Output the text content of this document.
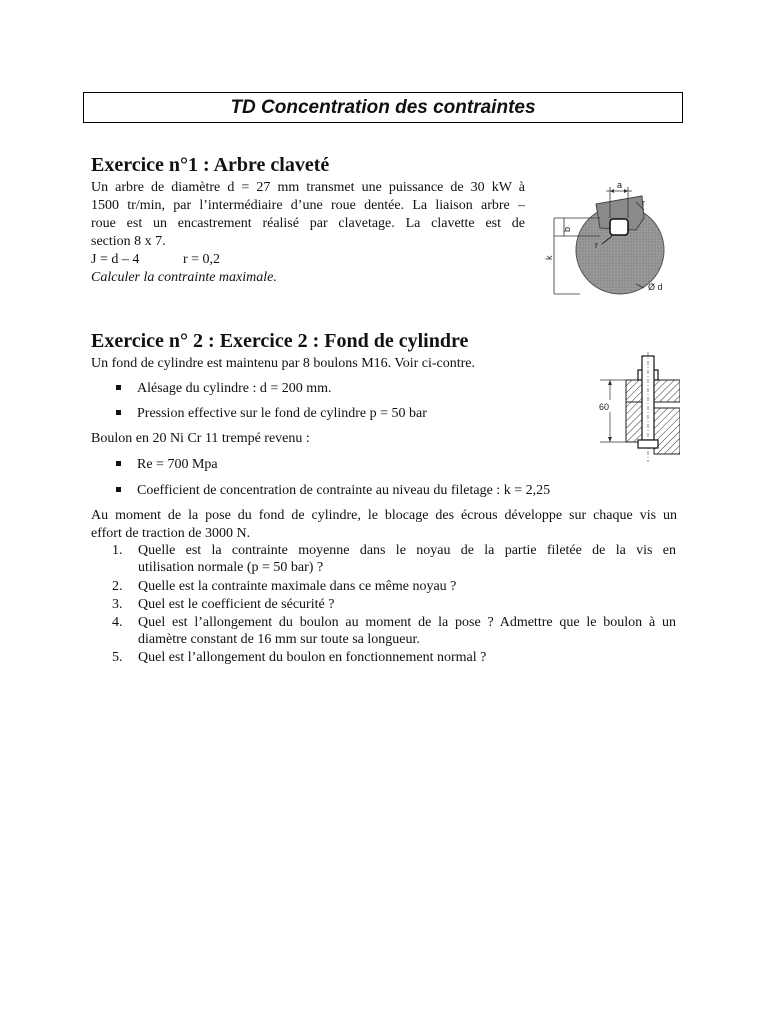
TD Concentration des contraintes
Exercice n°1 : Arbre claveté
Un arbre de diamètre d = 27 mm transmet une puissance de 30 kW à
1500 tr/min, par l’intermédiaire d’une roue dentée. La liaison arbre –
roue est un encastrement réalisé par clavetage. La clavette est de
section 8 x 7.
J = d – 4	r = 0,2
Calculer la contrainte maximale.
a
b
k
r
r
Ø d
Exercice n° 2 : Exercice 2 : Fond de cylindre
Un fond de cylindre est maintenu par 8 boulons M16. Voir ci-contre.
Alésage du cylindre : d = 200 mm.
Pression effective sur le fond de cylindre p = 50 bar
Boulon en 20 Ni Cr 11 trempé revenu :
Re = 700 Mpa
Coefficient de concentration de contrainte au niveau du filetage : k = 2,25
Au moment de la pose du fond de cylindre, le blocage des écrous développe sur chaque vis un
effort de traction de 3000 N.
1. Quelle est la contrainte moyenne dans le noyau de la partie filetée de la vis en
utilisation normale (p = 50 bar) ?
2. Quelle est la contrainte maximale dans ce même noyau ?
3. Quel est le coefficient de sécurité ?
4. Quel est l’allongement du boulon au moment de la pose ? Admettre que le boulon à un
diamètre constant de 16 mm sur toute sa longueur.
5. Quel est l’allongement du boulon en fonctionnement normal ?
60
